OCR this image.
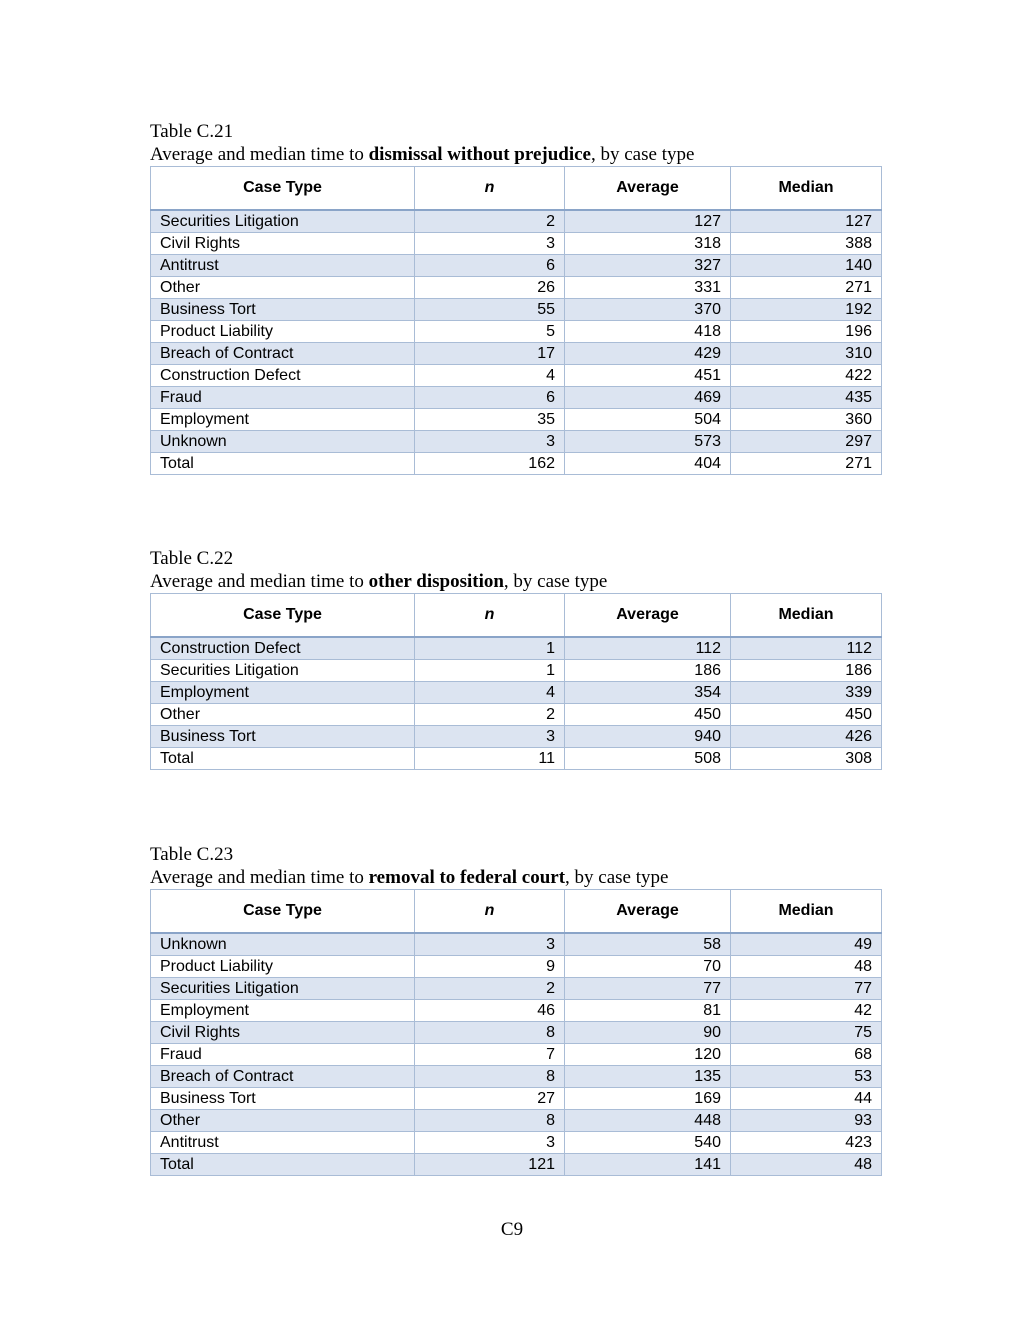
Table C.21

Average and median time to dismissal without prejudice, by case type

Case Type	n	Average	Median
Securities Litigation	2	127	127
Civil Rights	3	318	388
Antitrust	6	327	140
Other	26	331	271
Business Tort	55	370	192
Product Liability	5	418	196
Breach of Contract	17	429	310
Construction Defect	4	451	422
Fraud	6	469	435
Employment	35	504	360
Unknown	3	573	297
Total	162	404	271

Table C.22

Average and median time to other disposition, by case type

Case Type	n	Average	Median
Construction Defect	1	112	112
Securities Litigation	1	186	186
Employment	4	354	339
Other	2	450	450
Business Tort	3	940	426
Total	11	508	308

Table C.23

Average and median time to removal to federal court, by case type

Case Type	n	Average	Median
Unknown	3	58	49
Product Liability	9	70	48
Securities Litigation	2	77	77
Employment	46	81	42
Civil Rights	8	90	75
Fraud	7	120	68
Breach of Contract	8	135	53
Business Tort	27	169	44
Other	8	448	93
Antitrust	3	540	423
Total	121	141	48
C9
